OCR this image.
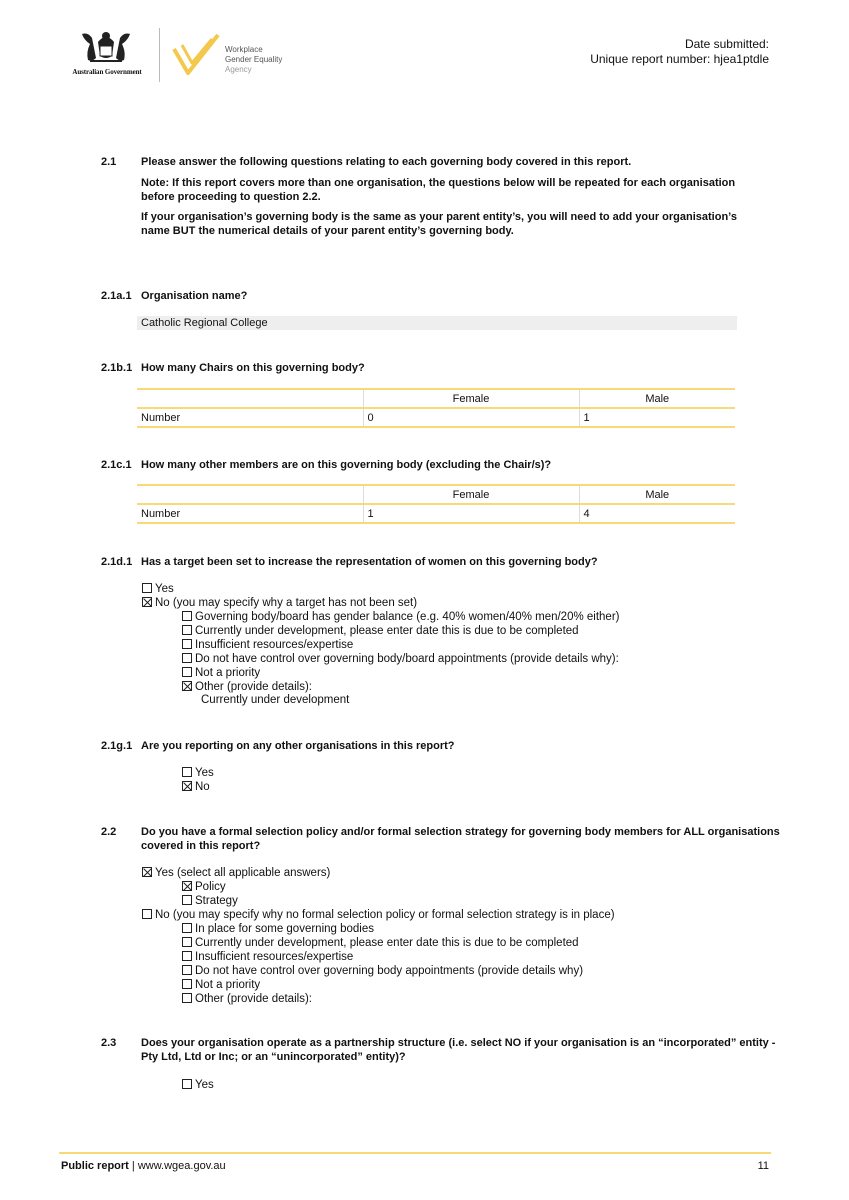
Australian Government
Workplace
Gender Equality
Agency
Date submitted:
Unique report number: hjea1ptdle
2.1	Please answer the following questions relating to each governing body covered in this report.
Note: If this report covers more than one organisation, the questions below will be repeated for each organisation before proceeding to question 2.2.
If your organisation’s governing body is the same as your parent entity’s, you will need to add your organisation’s name BUT the numerical details of your parent entity’s governing body.
2.1a.1 Organisation name?
Catholic Regional College
2.1b.1 How many Chairs on this governing body?
	Female	Male
Number	0	1
2.1c.1 How many other members are on this governing body (excluding the Chair/s)?
	Female	Male
Number	1	4
2.1d.1 Has a target been set to increase the representation of women on this governing body?
Yes
No (you may specify why a target has not been set)
Governing body/board has gender balance (e.g. 40% women/40% men/20% either)
Currently under development, please enter date this is due to be completed
Insufficient resources/expertise
Do not have control over governing body/board appointments (provide details why):
Not a priority
Other (provide details):
Currently under development
2.1g.1 Are you reporting on any other organisations in this report?
Yes
No
2.2	Do you have a formal selection policy and/or formal selection strategy for governing body members for ALL organisations covered in this report?
Yes (select all applicable answers)
Policy
Strategy
No (you may specify why no formal selection policy or formal selection strategy is in place)
In place for some governing bodies
Currently under development, please enter date this is due to be completed
Insufficient resources/expertise
Do not have control over governing body appointments (provide details why)
Not a priority
Other (provide details):
2.3	Does your organisation operate as a partnership structure (i.e. select NO if your organisation is an “incorporated” entity - Pty Ltd, Ltd or Inc; or an “unincorporated” entity)?
Yes
Public report | www.wgea.gov.au	11
